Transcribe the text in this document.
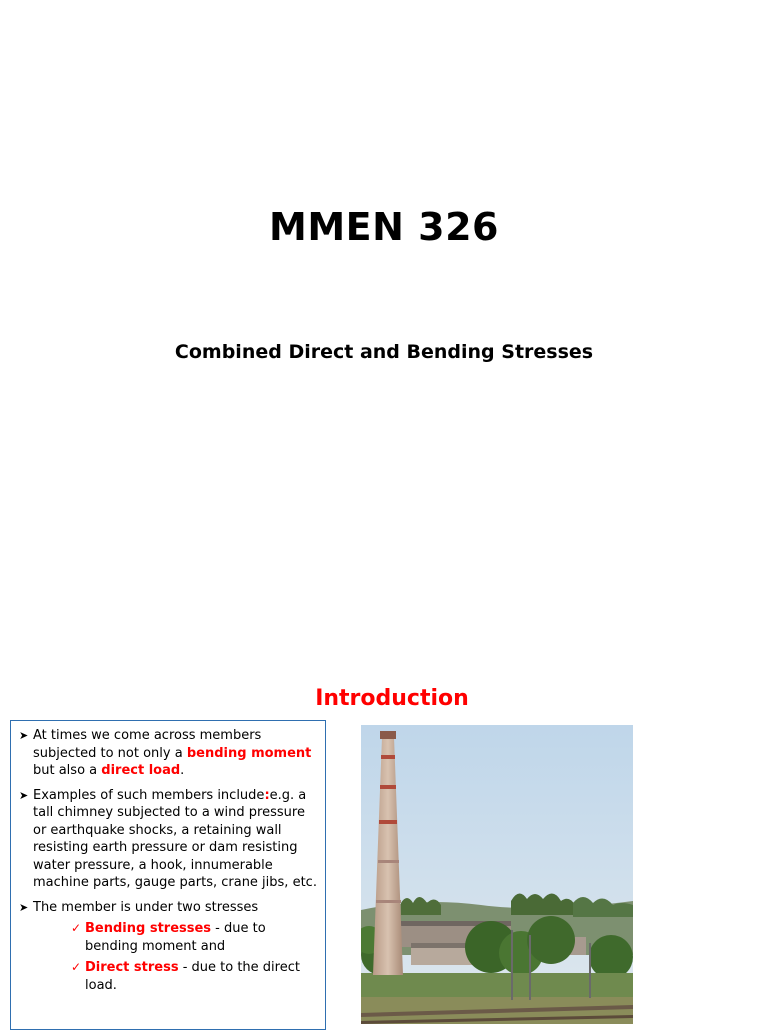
MMEN 326
Combined Direct and Bending Stresses
Introduction
➤ At times we come across members subjected to not only a bending moment but also a direct load.
➤ Examples of such members include:e.g. a tall chimney subjected to a wind pressure or earthquake shocks, a retaining wall resisting earth pressure or dam resisting water pressure, a hook, innumerable machine parts, gauge parts, crane jibs, etc.
➤ The member is under two stresses
✓ Bending stresses - due to bending moment and
✓ Direct stress - due to the direct load.
